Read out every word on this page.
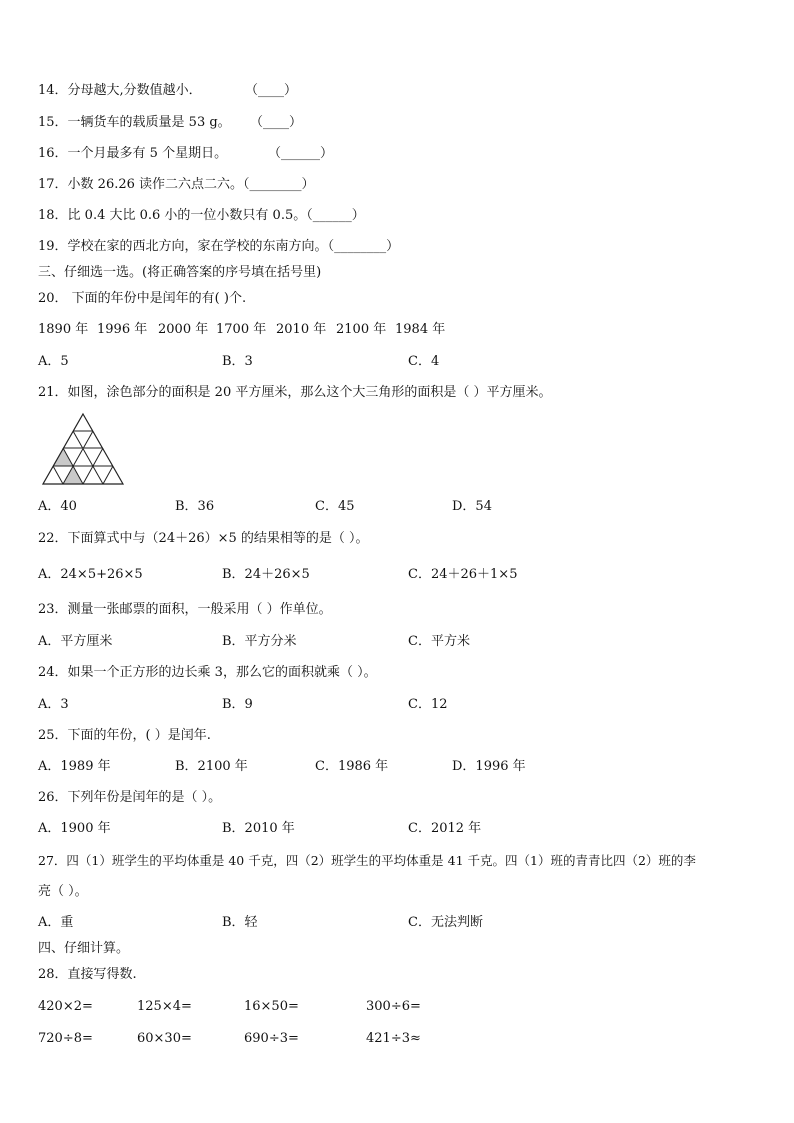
14．分母越大,分数值越小．	（____）
15．一辆货车的载质量是 53 g。 （____）
16．一个月最多有 5 个星期日。	（______）
17．小数 26.26 读作二六点二六。（________）
18．比 0.4 大比 0.6 小的一位小数只有 0.5。（______）
19．学校在家的西北方向，家在学校的东南方向。（________）
三、仔细选一选。(将正确答案的序号填在括号里)
20． 下面的年份中是闰年的有( )个.
1890 年 1996 年 2000 年 1700 年 2010 年 2100 年 1984 年
A．5	B．3	C．4
21．如图，涂色部分的面积是 20 平方厘米，那么这个大三角形的面积是（ ）平方厘米。
A．40	B．36	C．45	D．54
22．下面算式中与（24＋26）×5 的结果相等的是（ ）。
A．24×5+26×5	B．24＋26×5	C．24＋26＋1×5
23．测量一张邮票的面积，一般采用（ ）作单位。
A．平方厘米	B．平方分米	C．平方米
24．如果一个正方形的边长乘 3，那么它的面积就乘（ ）。
A．3	B．9	C．12
25．下面的年份，( ）是闰年.
A．1989 年	B．2100 年	C．1986 年	D．1996 年
26．下列年份是闰年的是（ ）。
A．1900 年	B．2010 年	C．2012 年
27．四（1）班学生的平均体重是 40 千克，四（2）班学生的平均体重是 41 千克。四（1）班的青青比四（2）班的李
亮（ ）。
A．重	B．轻	C．无法判断
四、仔细计算。
28．直接写得数.
420×2=	125×4=	16×50=	300÷6=
720÷8=	60×30=	690÷3=	421÷3≈
